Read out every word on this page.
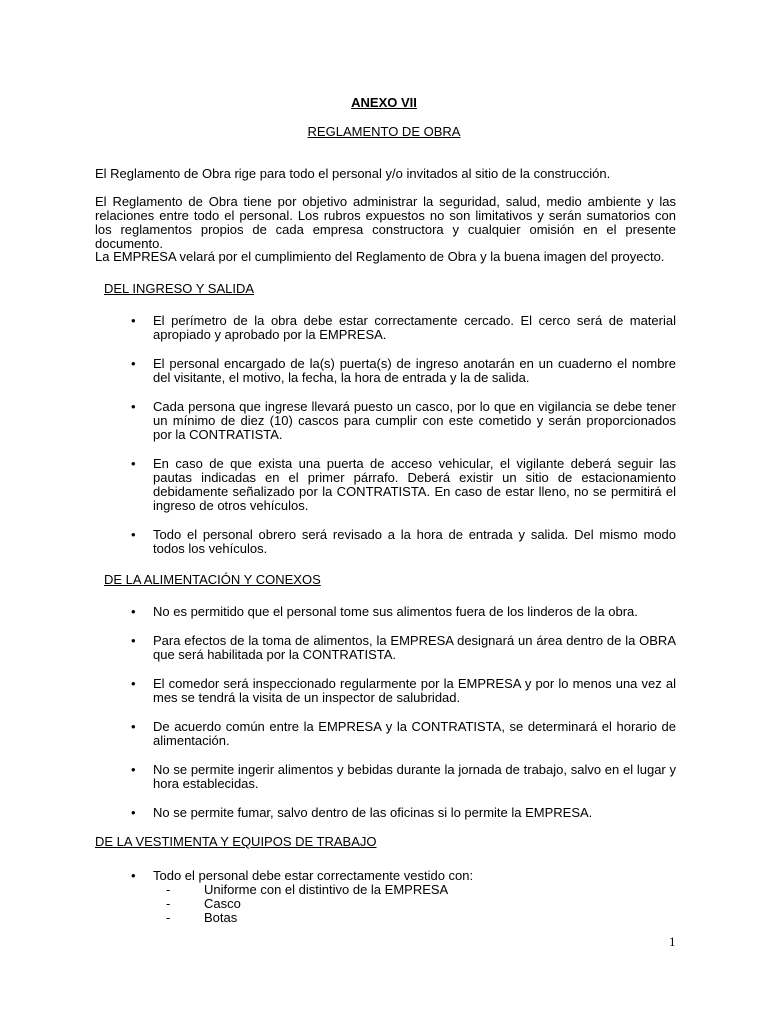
ANEXO VII
REGLAMENTO DE OBRA

El Reglamento de Obra rige para todo el personal y/o invitados al sitio de la construcción.

El Reglamento de Obra tiene por objetivo administrar la seguridad, salud, medio ambiente y las relaciones entre todo el personal. Los rubros expuestos no son limitativos y serán sumatorios con los reglamentos propios de cada empresa constructora y cualquier omisión en el presente documento.

La EMPRESA velará por el cumplimiento del Reglamento de Obra y la buena imagen del proyecto.

DEL INGRESO Y SALIDA
• El perímetro de la obra debe estar correctamente cercado. El cerco será de material apropiado y aprobado por la EMPRESA.
• El personal encargado de la(s) puerta(s) de ingreso anotarán en un cuaderno el nombre del visitante, el motivo, la fecha, la hora de entrada y la de salida.
• Cada persona que ingrese llevará puesto un casco, por lo que en vigilancia se debe tener un mínimo de diez (10) cascos para cumplir con este cometido y serán proporcionados por la CONTRATISTA.
• En caso de que exista una puerta de acceso vehicular, el vigilante deberá seguir las pautas indicadas en el primer párrafo. Deberá existir un sitio de estacionamiento debidamente señalizado por la CONTRATISTA. En caso de estar lleno, no se permitirá el ingreso de otros vehículos.
• Todo el personal obrero será revisado a la hora de entrada y salida. Del mismo modo todos los vehículos.
DE LA ALIMENTACIÓN Y CONEXOS
• No es permitido que el personal tome sus alimentos fuera de los linderos de la obra.
• Para efectos de la toma de alimentos, la EMPRESA designará un área dentro de la OBRA que será habilitada por la CONTRATISTA.
• El comedor será inspeccionado regularmente por la EMPRESA y por lo menos una vez al mes se tendrá la visita de un inspector de salubridad.
• De acuerdo común entre la EMPRESA y la CONTRATISTA, se determinará el horario de alimentación.
• No se permite ingerir alimentos y bebidas durante la jornada de trabajo, salvo en el lugar y hora establecidas.
• No se permite fumar, salvo dentro de las oficinas si lo permite la EMPRESA.
DE LA VESTIMENTA Y EQUIPOS DE TRABAJO
• Todo el personal debe estar correctamente vestido con:
-	Uniforme con el distintivo de la EMPRESA
-	Casco
-	Botas
1
